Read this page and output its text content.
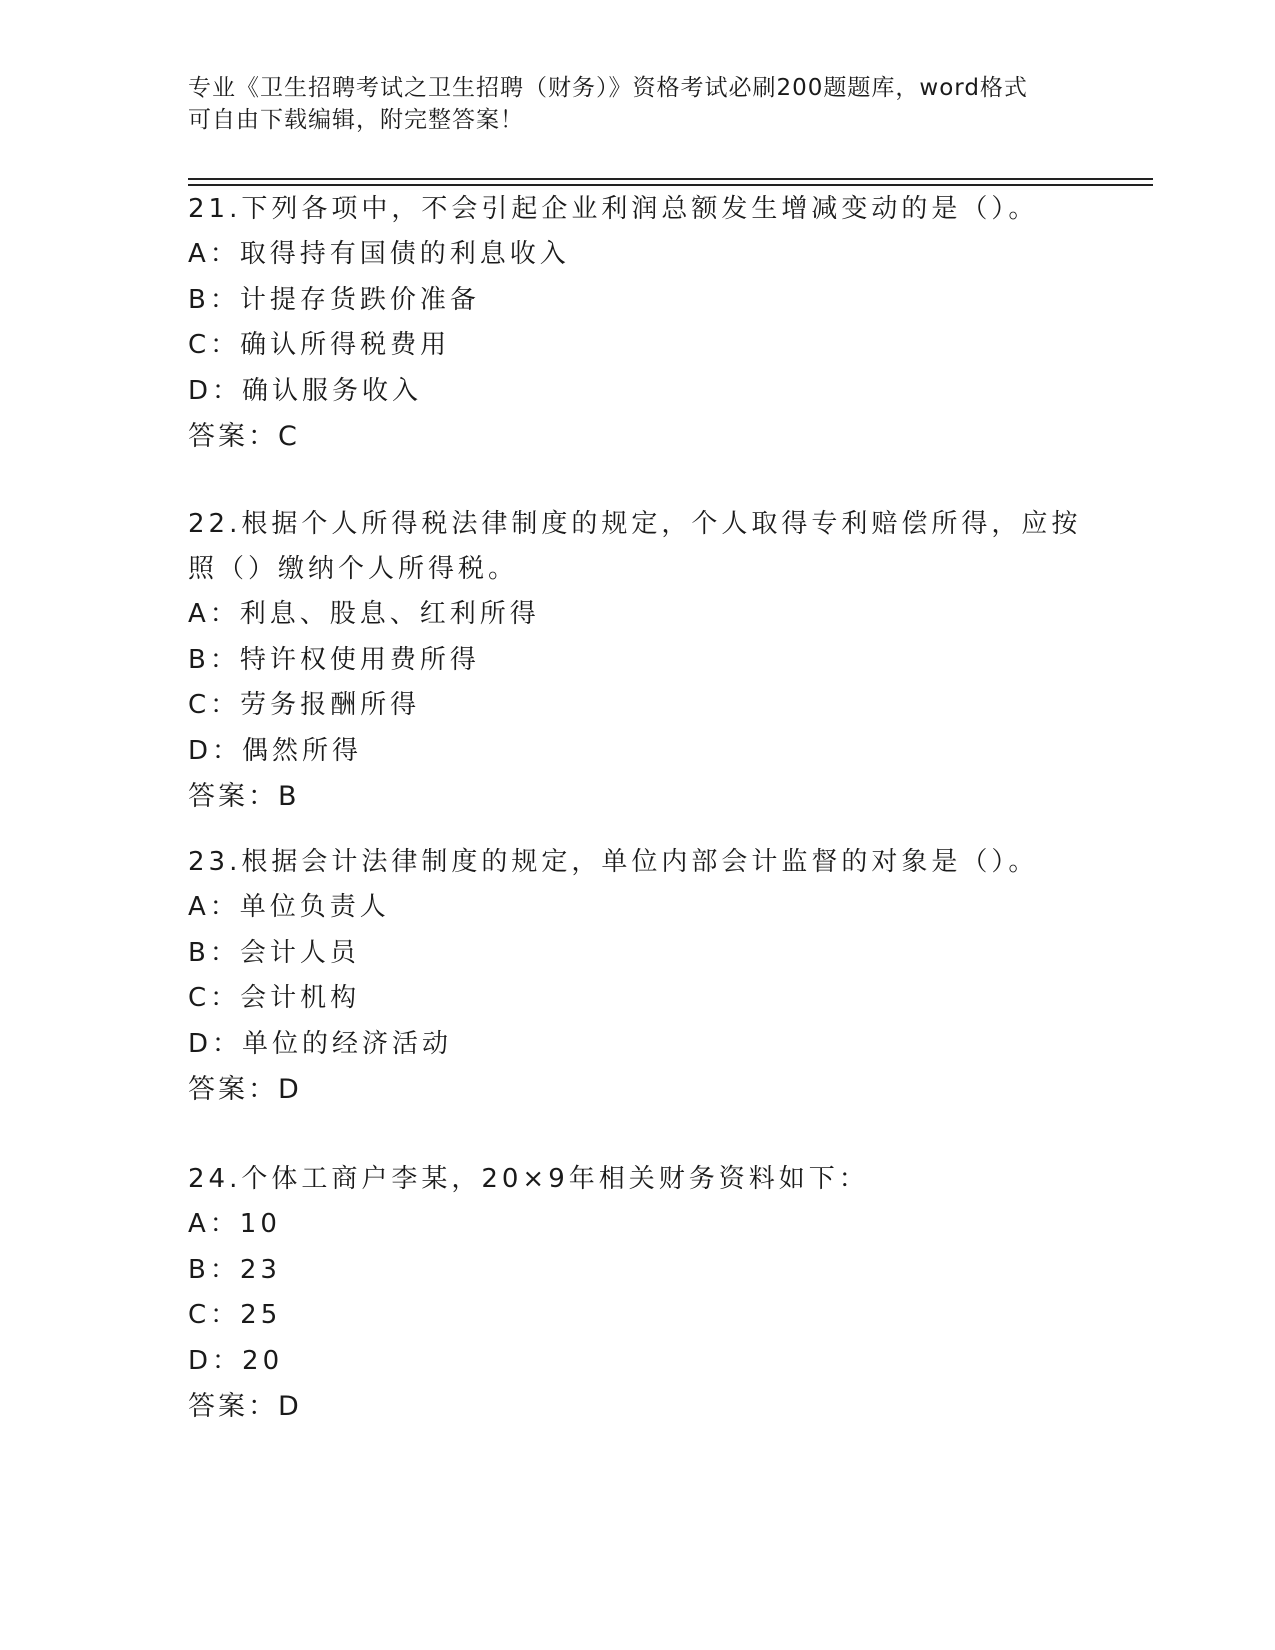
专业《卫生招聘考试之卫生招聘（财务）》资格考试必刷200题题库，word格式
可自由下载编辑，附完整答案！
21.下列各项中，不会引起企业利润总额发生增减变动的是（）。
A：取得持有国债的利息收入
B：计提存货跌价准备
C：确认所得税费用
D：确认服务收入
答案：C
22.根据个人所得税法律制度的规定，个人取得专利赔偿所得，应按照（）缴纳个人所得税。
A：利息、股息、红利所得
B：特许权使用费所得
C：劳务报酬所得
D：偶然所得
答案：B
23.根据会计法律制度的规定，单位内部会计监督的对象是（）。
A：单位负责人
B：会计人员
C：会计机构
D：单位的经济活动
答案：D
24.个体工商户李某，20×9年相关财务资料如下：
A：10
B：23
C：25
D：20
答案：D
